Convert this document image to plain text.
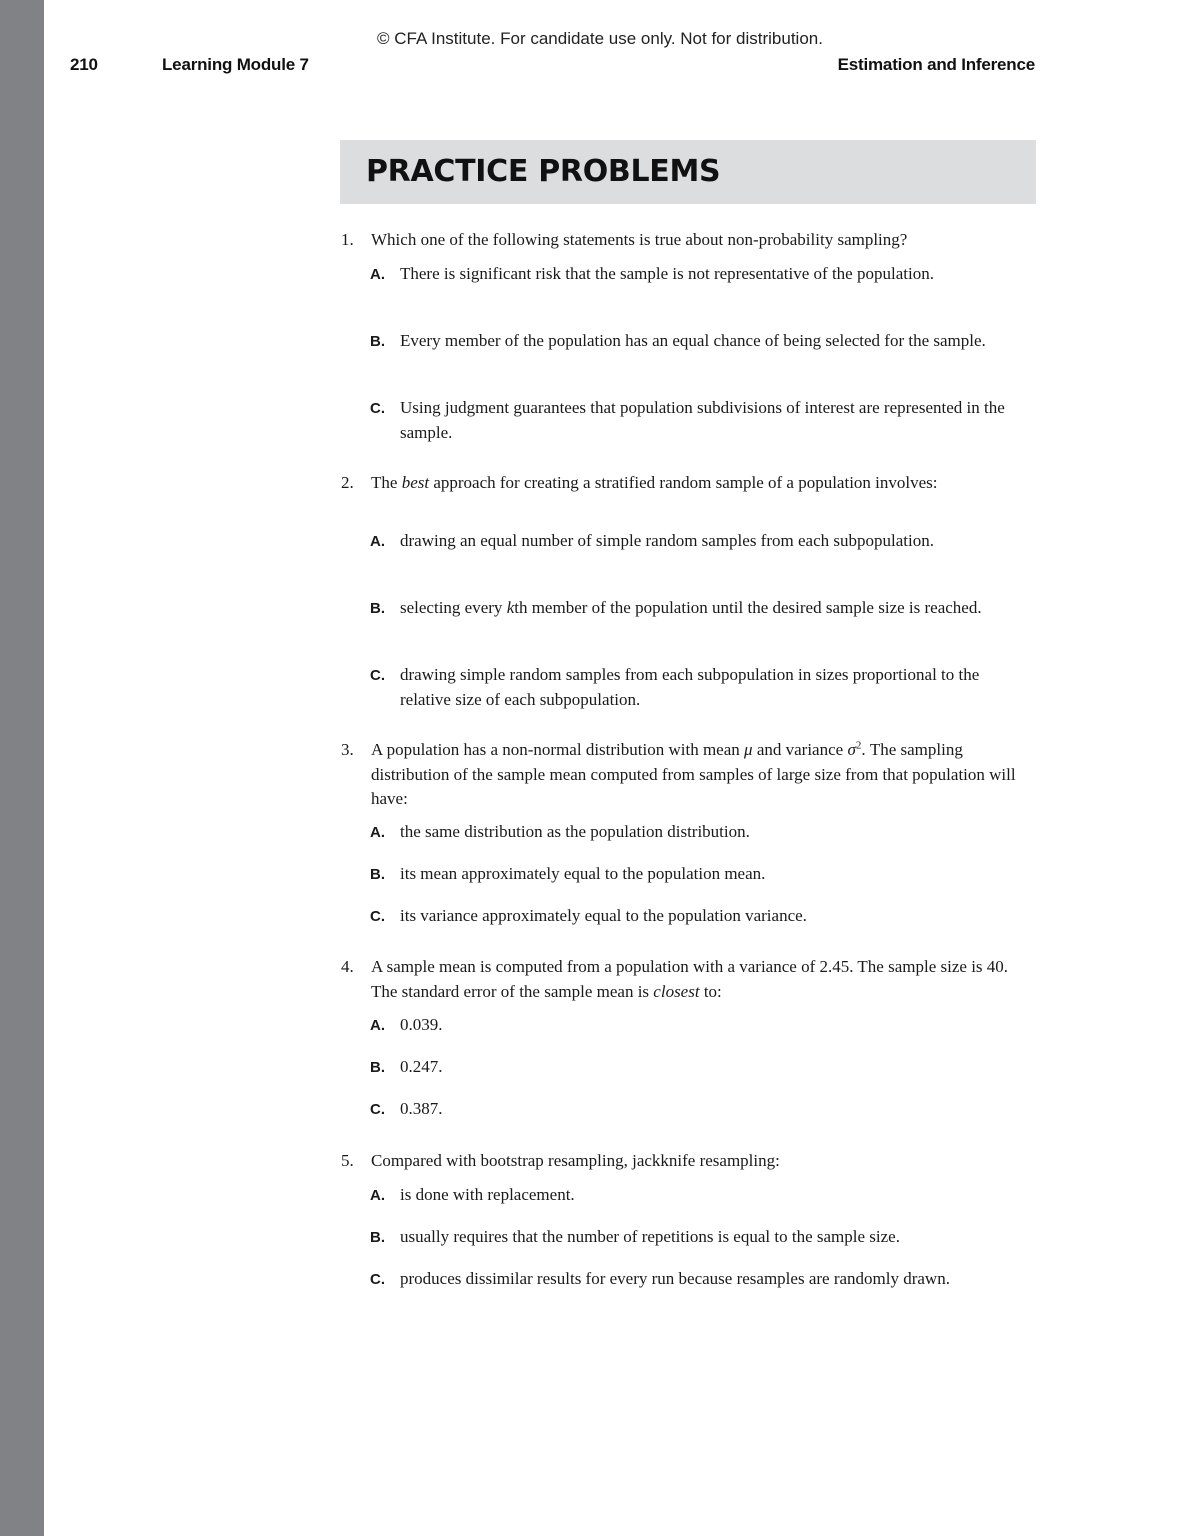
© CFA Institute. For candidate use only. Not for distribution.
210	Learning Module 7	Estimation and Inference
PRACTICE PROBLEMS
1. Which one of the following statements is true about non-probability sampling?
A. There is significant risk that the sample is not representative of the population.
B. Every member of the population has an equal chance of being selected for the sample.
C. Using judgment guarantees that population subdivisions of interest are represented in the sample.
2. The best approach for creating a stratified random sample of a population involves:
A. drawing an equal number of simple random samples from each subpopulation.
B. selecting every kth member of the population until the desired sample size is reached.
C. drawing simple random samples from each subpopulation in sizes proportional to the relative size of each subpopulation.
3. A population has a non-normal distribution with mean μ and variance $\sigma^2$. The sampling distribution of the sample mean computed from samples of large size from that population will have:
A. the same distribution as the population distribution.
B. its mean approximately equal to the population mean.
C. its variance approximately equal to the population variance.
4. A sample mean is computed from a population with a variance of 2.45. The sample size is 40. The standard error of the sample mean is closest to:
A. 0.039.
B. 0.247.
C. 0.387.
5. Compared with bootstrap resampling, jackknife resampling:
A. is done with replacement.
B. usually requires that the number of repetitions is equal to the sample size.
C. produces dissimilar results for every run because resamples are randomly drawn.
